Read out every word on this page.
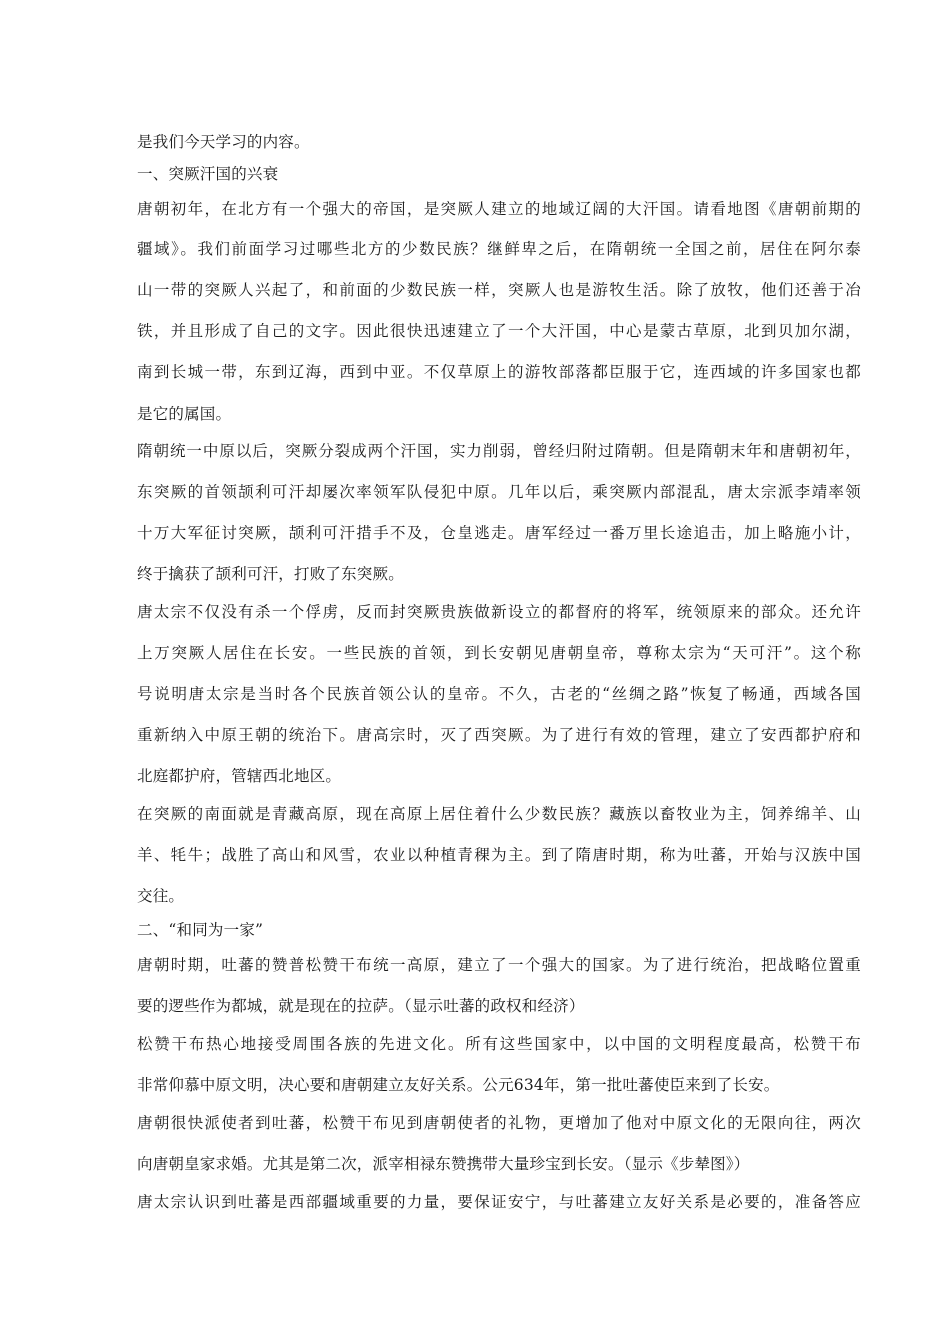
是我们今天学习的内容。
一、突厥汗国的兴衰
唐朝初年，在北方有一个强大的帝国，是突厥人建立的地域辽阔的大汗国。请看地图《唐朝前期的
疆域》。我们前面学习过哪些北方的少数民族？继鲜卑之后，在隋朝统一全国之前，居住在阿尔泰
山一带的突厥人兴起了，和前面的少数民族一样，突厥人也是游牧生活。除了放牧，他们还善于冶
铁，并且形成了自己的文字。因此很快迅速建立了一个大汗国，中心是蒙古草原，北到贝加尔湖，
南到长城一带，东到辽海，西到中亚。不仅草原上的游牧部落都臣服于它，连西域的许多国家也都
是它的属国。
隋朝统一中原以后，突厥分裂成两个汗国，实力削弱，曾经归附过隋朝。但是隋朝末年和唐朝初年，
东突厥的首领颉利可汗却屡次率领军队侵犯中原。几年以后，乘突厥内部混乱，唐太宗派李靖率领
十万大军征讨突厥，颉利可汗措手不及，仓皇逃走。唐军经过一番万里长途追击，加上略施小计，
终于擒获了颉利可汗，打败了东突厥。
唐太宗不仅没有杀一个俘虏，反而封突厥贵族做新设立的都督府的将军，统领原来的部众。还允许
上万突厥人居住在长安。一些民族的首领，到长安朝见唐朝皇帝，尊称太宗为“天可汗”。这个称
号说明唐太宗是当时各个民族首领公认的皇帝。不久，古老的“丝绸之路”恢复了畅通，西域各国
重新纳入中原王朝的统治下。唐高宗时，灭了西突厥。为了进行有效的管理，建立了安西都护府和
北庭都护府，管辖西北地区。
在突厥的南面就是青藏高原，现在高原上居住着什么少数民族？藏族以畜牧业为主，饲养绵羊、山
羊、牦牛；战胜了高山和风雪，农业以种植青稞为主。到了隋唐时期，称为吐蕃，开始与汉族中国
交往。
二、“和同为一家”
唐朝时期，吐蕃的赞普松赞干布统一高原，建立了一个强大的国家。为了进行统治，把战略位置重
要的逻些作为都城，就是现在的拉萨。（显示吐蕃的政权和经济）
松赞干布热心地接受周围各族的先进文化。所有这些国家中，以中国的文明程度最高，松赞干布
非常仰慕中原文明，决心要和唐朝建立友好关系。公元634年，第一批吐蕃使臣来到了长安。
唐朝很快派使者到吐蕃，松赞干布见到唐朝使者的礼物，更增加了他对中原文化的无限向往，两次
向唐朝皇家求婚。尤其是第二次，派宰相禄东赞携带大量珍宝到长安。（显示《步辇图》）
唐太宗认识到吐蕃是西部疆域重要的力量，要保证安宁，与吐蕃建立友好关系是必要的，准备答应
